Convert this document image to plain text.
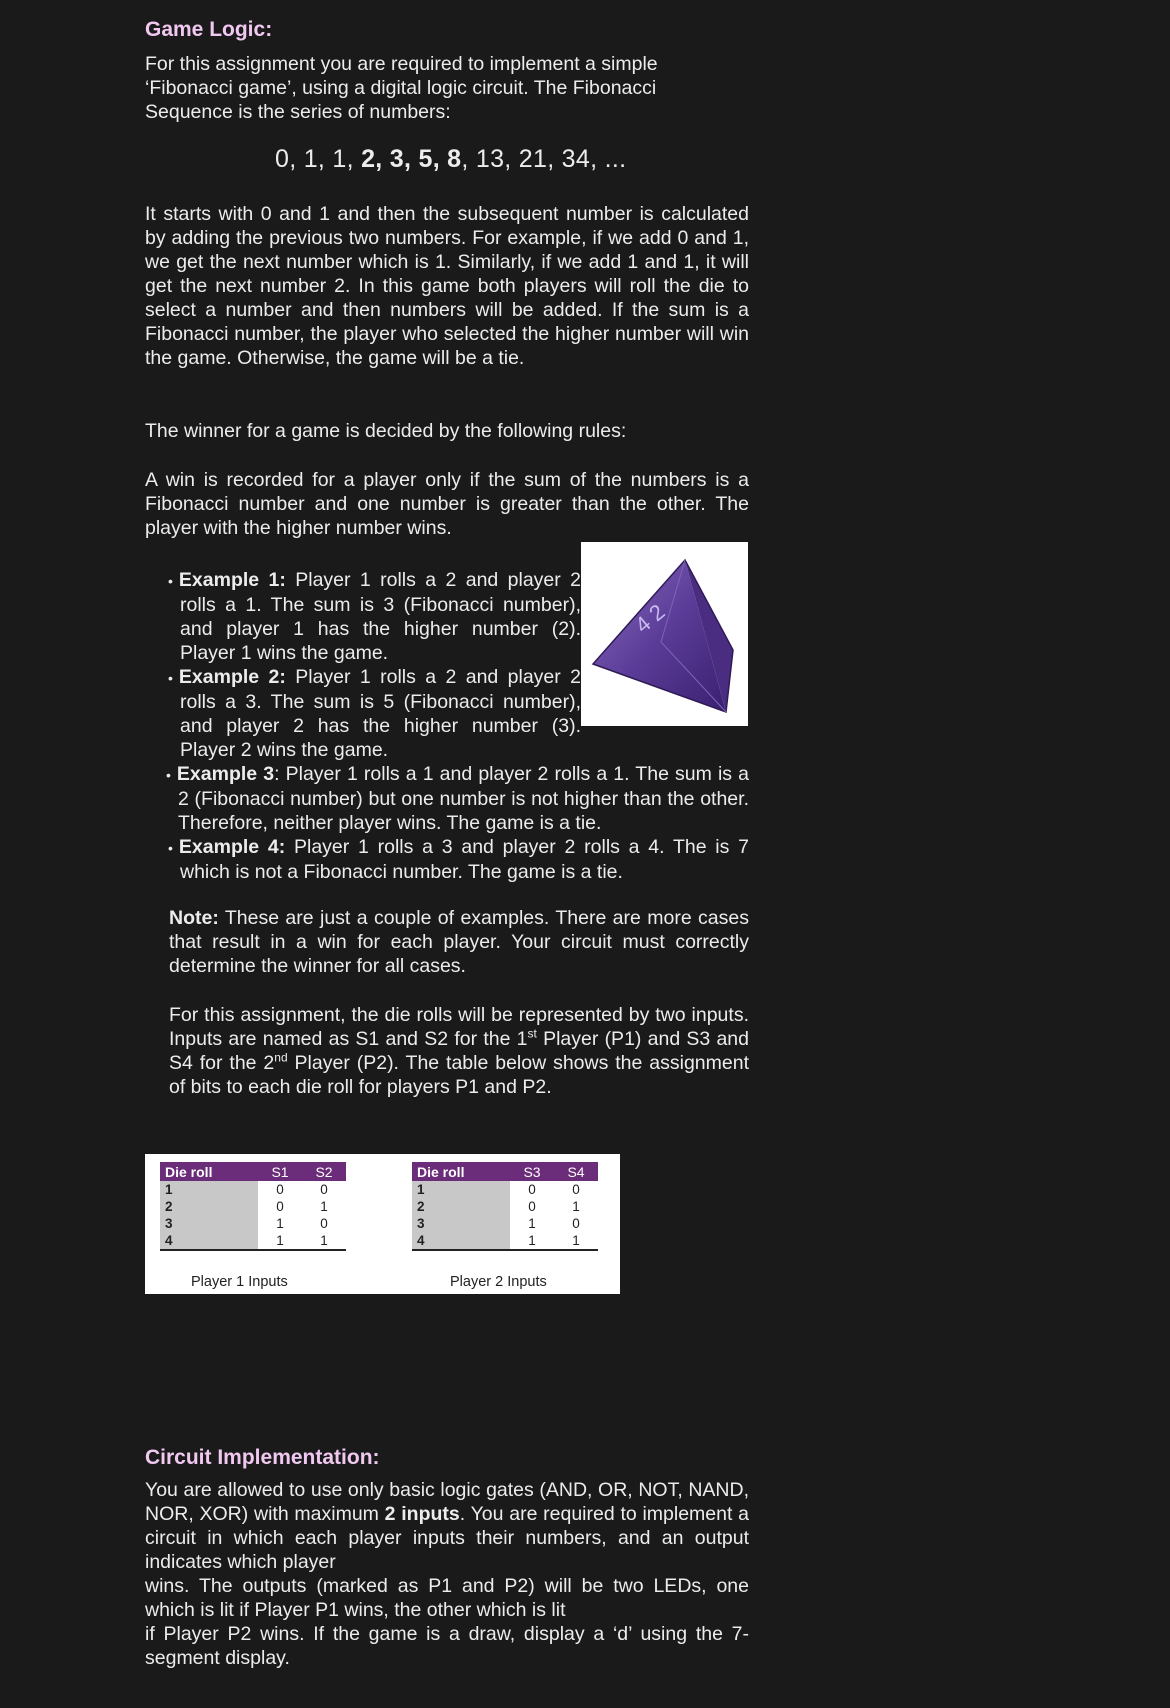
Game Logic:

For this assignment you are required to implement a simple ‘Fibonacci game’, using a digital logic circuit. The Fibonacci Sequence is the series of numbers:

0, 1, 1, 2, 3, 5, 8, 13, 21, 34, ...

It starts with 0 and 1 and then the subsequent number is calculated by adding the previous two numbers. For example, if we add 0 and 1, we get the next number which is 1. Similarly, if we add 1 and 1, it will get the next number 2. In this game both players will roll the die to select a number and then numbers will be added. If the sum is a Fibonacci number, the player who selected the higher number will win the game. Otherwise, the game will be a tie.

The winner for a game is decided by the following rules:

A win is recorded for a player only if the sum of the numbers is a Fibonacci number and one number is greater than the other. The player with the higher number wins.

• Example 1: Player 1 rolls a 2 and player 2 rolls a 1. The sum is 3 (Fibonacci number), and player 1 has the higher number (2). Player 1 wins the game.
• Example 2: Player 1 rolls a 2 and player 2 rolls a 3. The sum is 5 (Fibonacci number), and player 2 has the higher number (3). Player 2 wins the game.
• Example 3: Player 1 rolls a 1 and player 2 rolls a 1. The sum is a 2 (Fibonacci number) but one number is not higher than the other. Therefore, neither player wins. The game is a tie.
• Example 4: Player 1 rolls a 3 and player 2 rolls a 4. The is 7 which is not a Fibonacci number. The game is a tie.
4 2

Note: These are just a couple of examples. There are more cases that result in a win for each player. Your circuit must correctly determine the winner for all cases.

For this assignment, the die rolls will be represented by two inputs. Inputs are named as S1 and S2 for the 1st Player (P1) and S3 and S4 for the 2nd Player (P2). The table below shows the assignment of bits to each die roll for players P1 and P2.

Die roll	S1	S2
1	0	0
2	0	1
3	1	0
4	1	1
Player 1 Inputs
Die roll	S3	S4
1	0	0
2	0	1
3	1	0
4	1	1
Player 2 Inputs
Circuit Implementation:

You are allowed to use only basic logic gates (AND, OR, NOT, NAND, NOR, XOR) with maximum 2 inputs. You are required to implement a circuit in which each player inputs their numbers, and an output indicates which player

wins. The outputs (marked as P1 and P2) will be two LEDs, one which is lit if Player P1 wins, the other which is lit

if Player P2 wins. If the game is a draw, display a ‘d’ using the 7-segment display.
